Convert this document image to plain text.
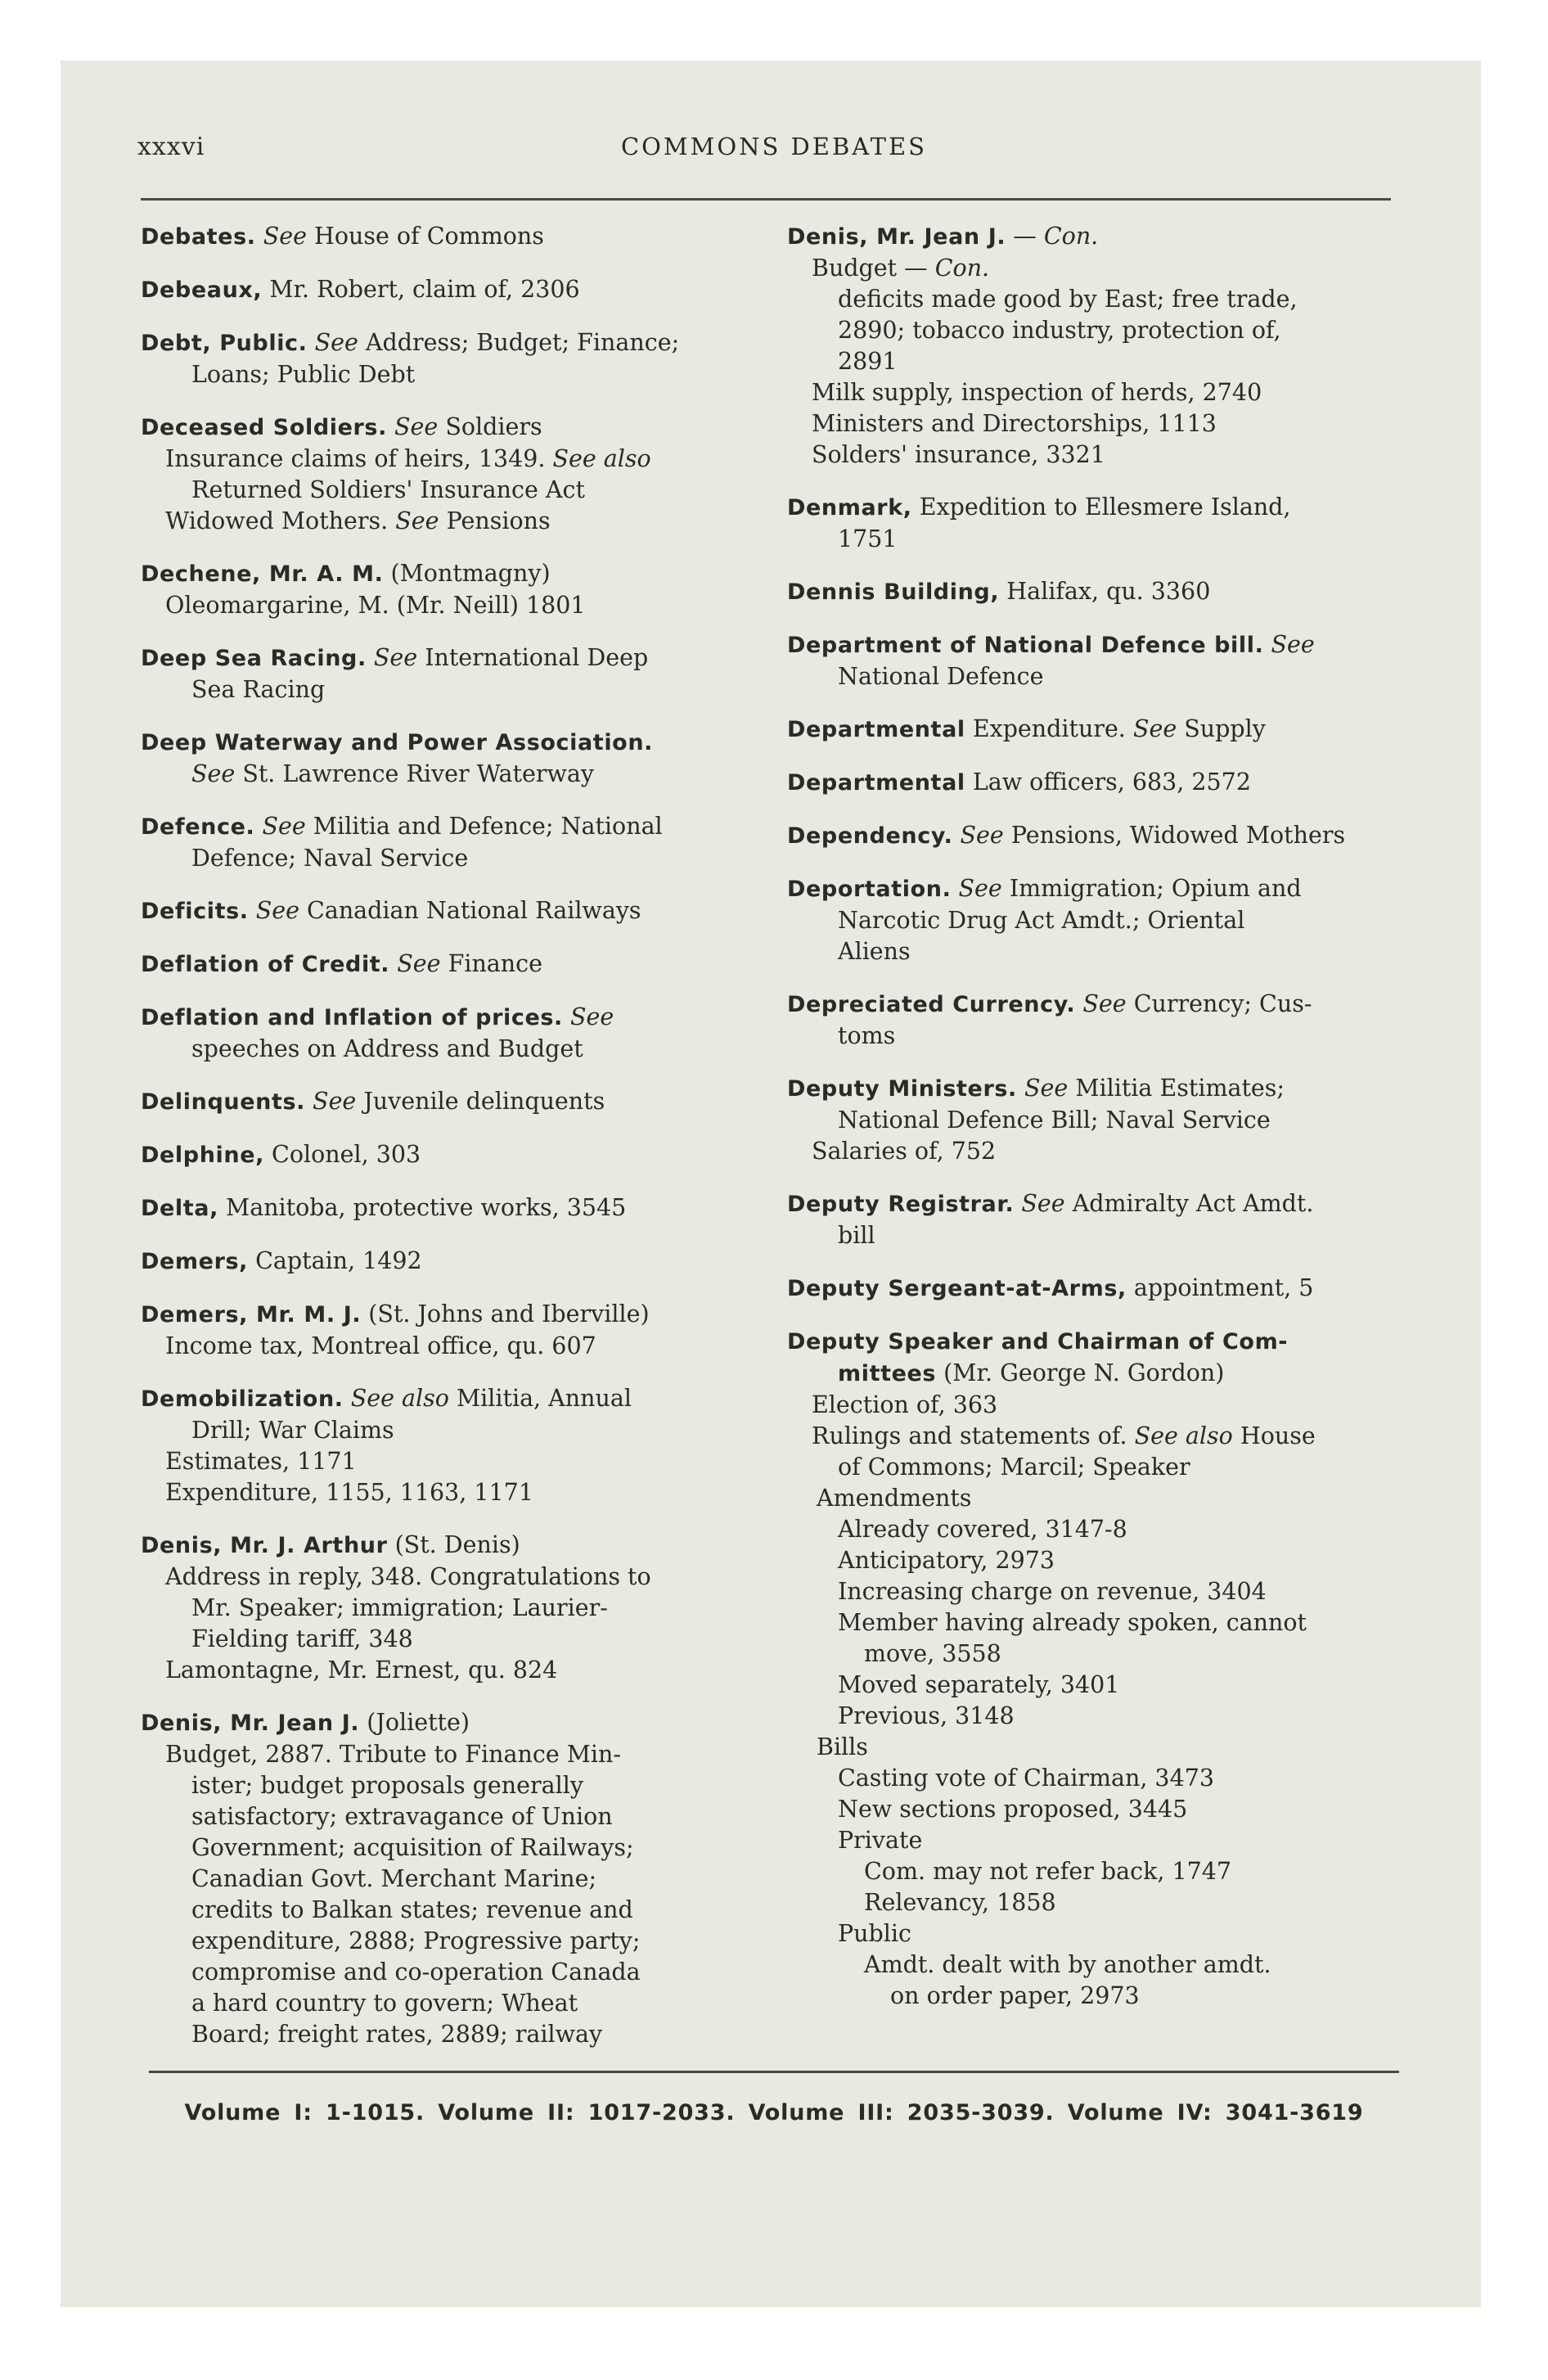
xxxvi	COMMONS DEBATES
Debates. See House of Commons
Debeaux, Mr. Robert, claim of, 2306
Debt, Public. See Address; Budget; Finance;
Loans; Public Debt
Deceased Soldiers. See Soldiers
Insurance claims of heirs, 1349. See also
Returned Soldiers' Insurance Act
Widowed Mothers. See Pensions
Dechene, Mr. A. M. (Montmagny)
Oleomargarine, M. (Mr. Neill) 1801
Deep Sea Racing. See International Deep
Sea Racing
Deep Waterway and Power Association.
See St. Lawrence River Waterway
Defence. See Militia and Defence; National
Defence; Naval Service
Deficits. See Canadian National Railways
Deflation of Credit. See Finance
Deflation and Inflation of prices. See
speeches on Address and Budget
Delinquents. See Juvenile delinquents
Delphine, Colonel, 303
Delta, Manitoba, protective works, 3545
Demers, Captain, 1492
Demers, Mr. M. J. (St. Johns and Iberville)
Income tax, Montreal office, qu. 607
Demobilization. See also Militia, Annual
Drill; War Claims
Estimates, 1171
Expenditure, 1155, 1163, 1171
Denis, Mr. J. Arthur (St. Denis)
Address in reply, 348. Congratulations to
Mr. Speaker; immigration; Laurier-
Fielding tariff, 348
Lamontagne, Mr. Ernest, qu. 824
Denis, Mr. Jean J. (Joliette)
Budget, 2887. Tribute to Finance Min-
ister; budget proposals generally
satisfactory; extravagance of Union
Government; acquisition of Railways;
Canadian Govt. Merchant Marine;
credits to Balkan states; revenue and
expenditure, 2888; Progressive party;
compromise and co-operation Canada
a hard country to govern; Wheat
Board; freight rates, 2889; railway
Denis, Mr. Jean J. — Con.
Budget — Con.
deficits made good by East; free trade,
2890; tobacco industry, protection of,
2891
Milk supply, inspection of herds, 2740
Ministers and Directorships, 1113
Solders' insurance, 3321
Denmark, Expedition to Ellesmere Island,
1751
Dennis Building, Halifax, qu. 3360
Department of National Defence bill. See
National Defence
Departmental Expenditure. See Supply
Departmental Law officers, 683, 2572
Dependency. See Pensions, Widowed Mothers
Deportation. See Immigration; Opium and
Narcotic Drug Act Amdt.; Oriental
Aliens
Depreciated Currency. See Currency; Cus-
toms
Deputy Ministers. See Militia Estimates;
National Defence Bill; Naval Service
Salaries of, 752
Deputy Registrar. See Admiralty Act Amdt.
bill
Deputy Sergeant-at-Arms, appointment, 5
Deputy Speaker and Chairman of Com-
mittees (Mr. George N. Gordon)
Election of, 363
Rulings and statements of. See also House
of Commons; Marcil; Speaker
Amendments
Already covered, 3147-8
Anticipatory, 2973
Increasing charge on revenue, 3404
Member having already spoken, cannot
move, 3558
Moved separately, 3401
Previous, 3148
Bills
Casting vote of Chairman, 3473
New sections proposed, 3445
Private
Com. may not refer back, 1747
Relevancy, 1858
Public
Amdt. dealt with by another amdt.
on order paper, 2973
Volume I: 1-1015. Volume II: 1017-2033. Volume III: 2035-3039. Volume IV: 3041-3619
